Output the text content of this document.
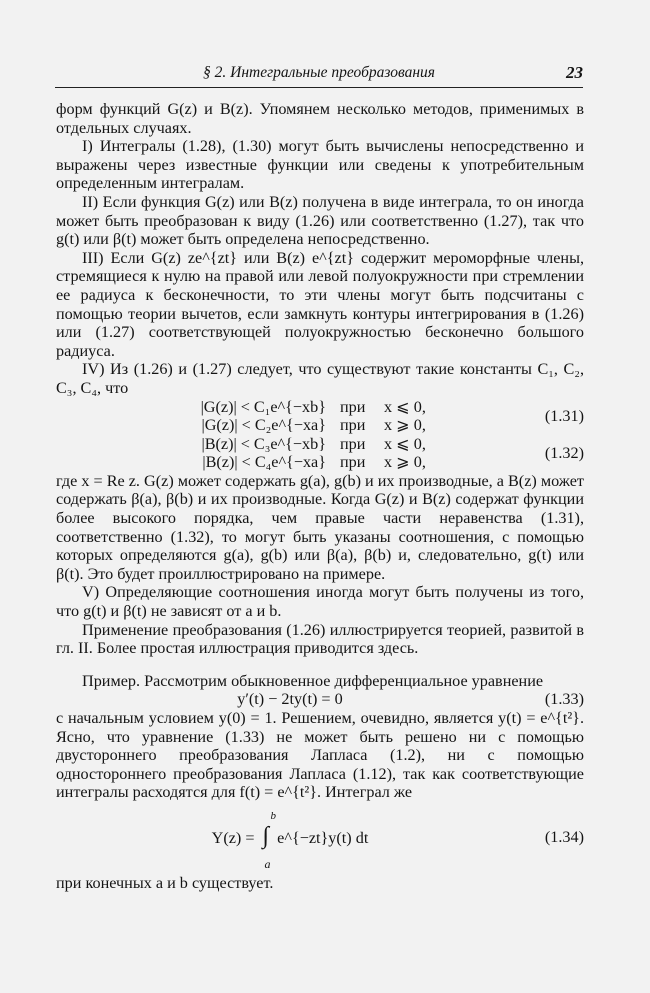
§ 2. Интегральные преобразования	23

форм функций G(z) и B(z). Упомянем несколько методов, применимых в отдельных случаях.

I) Интегралы (1.28), (1.30) могут быть вычислены непосредственно и выражены через известные функции или сведены к употребительным определенным интегралам.

II) Если функция G(z) или B(z) получена в виде интеграла, то он иногда может быть преобразован к виду (1.26) или соответственно (1.27), так что g(t) или β(t) может быть определена непосредственно.

III) Если G(z) ze^{zt} или B(z) e^{zt} содержит мероморфные члены, стремящиеся к нулю на правой или левой полуокружности при стремлении ее радиуса к бесконечности, то эти члены могут быть подсчитаны с помощью теории вычетов, если замкнуть контуры интегрирования в (1.26) или (1.27) соответствующей полуокружностью бесконечно большого радиуса.

IV) Из (1.26) и (1.27) следует, что существуют такие константы C₁, C₂, C₃, C₄, что

|G(z)| < C₁e^{−xb} при	x ⩽ 0,
|G(z)| < C₂e^{−xa} при	x ⩾ 0,
(1.31)
|B(z)| < C₃e^{−xb} при	x ⩽ 0,
|B(z)| < C₄e^{−xa} при	x ⩾ 0,
(1.32)

где x = Re z. G(z) может содержать g(a), g(b) и их производные, а B(z) может содержать β(a), β(b) и их производные. Когда G(z) и B(z) содержат функции более высокого порядка, чем правые части неравенства (1.31), соответственно (1.32), то могут быть указаны соотношения, с помощью которых определяются g(a), g(b) или β(a), β(b) и, следовательно, g(t) или β(t). Это будет проиллюстрировано на примере.

V) Определяющие соотношения иногда могут быть получены из того, что g(t) и β(t) не зависят от a и b.

Применение преобразования (1.26) иллюстрируется теорией, развитой в гл. II. Более простая иллюстрация приводится здесь.

Пример. Рассмотрим обыкновенное дифференциальное уравнение

y′(t) − 2ty(t) = 0	(1.33)

с начальным условием y(0) = 1. Решением, очевидно, является y(t) = e^{t²}. Ясно, что уравнение (1.33) не может быть решено ни с помощью двустороннего преобразования Лапласа (1.2), ни с помощью одностороннего преобразования Лапласа (1.12), так как соответствующие интегралы расходятся для f(t) = e^{t²}. Интеграл же

Y(z) = ∫
b
a
e^{−zt}y(t) dt	(1.34)

при конечных a и b существует.
